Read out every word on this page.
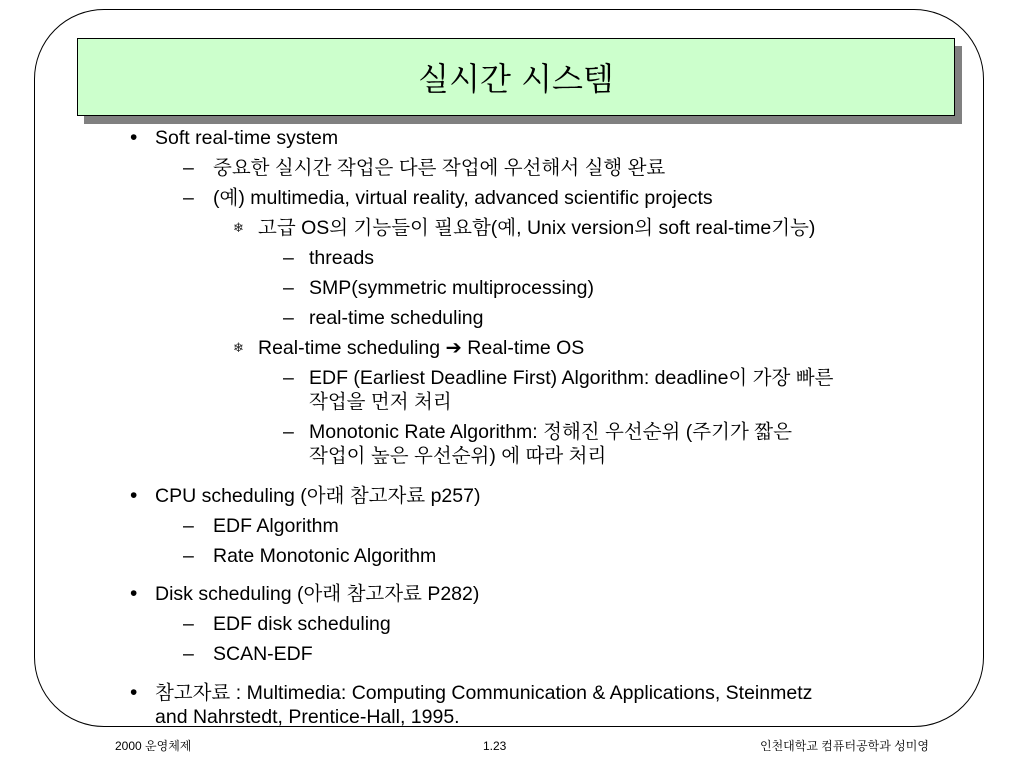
실시간 시스템
• Soft real-time system
– 중요한 실시간 작업은 다른 작업에 우선해서 실행 완료
– (예) multimedia, virtual reality, advanced scientific projects
❄ 고급 OS의 기능들이 필요함(예, Unix version의 soft real-time기능)
– threads
– SMP(symmetric multiprocessing)
– real-time scheduling
❄ Real-time scheduling ➔ Real-time OS
– EDF (Earliest Deadline First) Algorithm: deadline이 가장 빠른
작업을 먼저 처리
– Monotonic Rate Algorithm: 정해진 우선순위 (주기가 짧은
작업이 높은 우선순위) 에 따라 처리
• CPU scheduling (아래 참고자료 p257)
– EDF Algorithm
– Rate Monotonic Algorithm
• Disk scheduling (아래 참고자료 P282)
– EDF disk scheduling
– SCAN-EDF
• 참고자료 : Multimedia: Computing Communication & Applications, Steinmetz
and Nahrstedt, Prentice-Hall, 1995.
2000 운영체제	1.23	인천대학교 컴퓨터공학과 성미영
